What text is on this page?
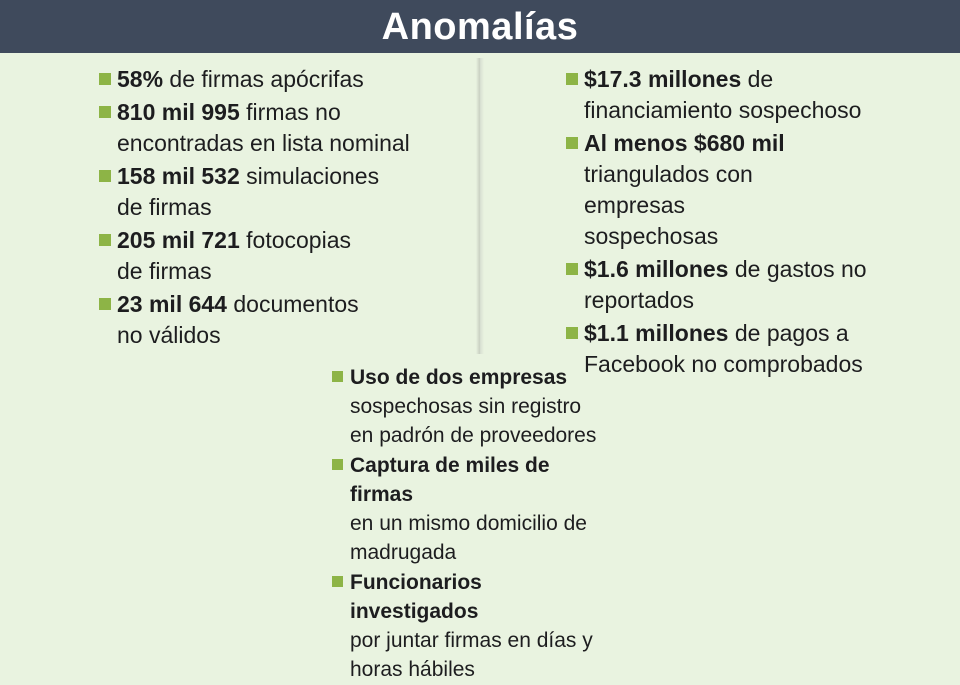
Anomalías
58% de firmas apócrifas

810 mil 995 firmas no
encontradas en lista nominal
158 mil 532 simulaciones
de firmas
205 mil 721 fotocopias
de firmas
23 mil 644 documentos
no válidos
$17.3 millones de
financiamiento sospechoso
Al menos $680 mil
triangulados con empresas sospechosas
$1.6 millones de gastos no
reportados
$1.1 millones de pagos a
Facebook no comprobados
Uso de dos empresas
sospechosas sin registro en padrón de proveedores
Captura de miles de firmas
en un mismo domicilio de madrugada
Funcionarios investigados
por juntar firmas en días y horas hábiles
